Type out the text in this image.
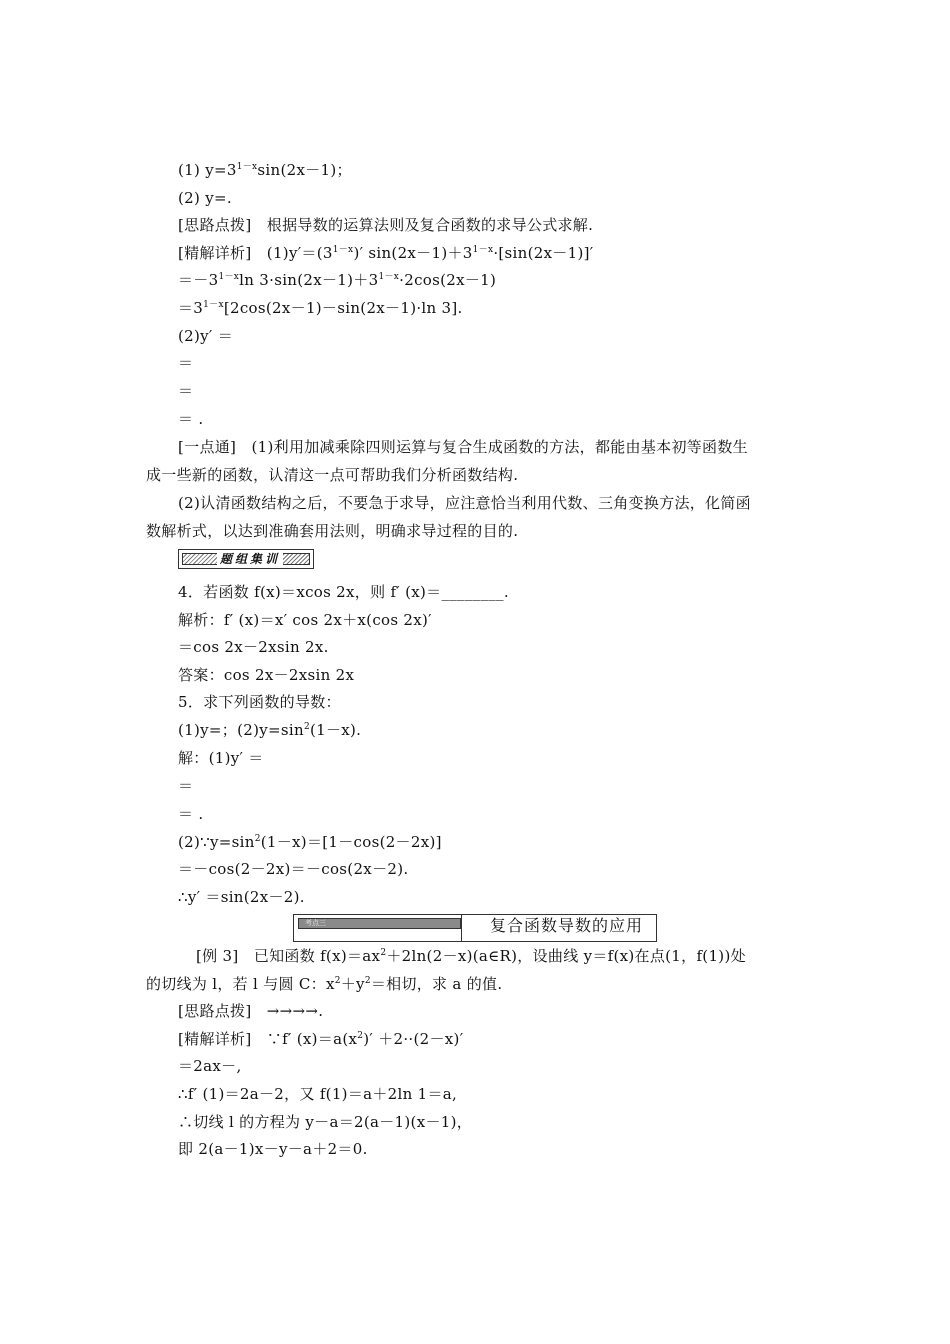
(1) $y=3^{1-x}\sin(2x-1)$；
(2) y=.
[思路点拨]　根据导数的运算法则及复合函数的求导公式求解.
[精解详析]　$(1)y'=(3^{1-x})'$ $\sin(2x-1)+3^{1-x}\cdot[\sin(2x-1)]'$
$=-3^{1-x}\ln$ $3\cdot\sin(2x-1)+3^{1-x}\cdot 2\cos(2x-1)$
$=3^{1-x}[2\cos(2x-1)-\sin(2x-1)\cdot\ln$ 3].
(2)y′ ＝
＝
＝
＝ .
[一点通]　(1)利用加减乘除四则运算与复合生成函数的方法，都能由基本初等函数生
成一些新的函数，认清这一点可帮助我们分析函数结构.
(2)认清函数结构之后，不要急于求导，应注意恰当利用代数、三角变换方法，化简函
数解析式，以达到准确套用法则，明确求导过程的目的.
题组集训
4．若函数 f(x)＝xcos 2x，则 f′ (x)＝________.
解析：f′ (x)＝x′ cos 2x＋x(cos 2x)′
＝cos 2x－2xsin 2x.
答案：cos 2x－2xsin 2x
5．求下列函数的导数：
(1)y=；$(2)y=\sin^2(1-x)$.
解：(1)y′ ＝
＝
＝ .
$(2)\because y=\sin^2(1-x)=[1-\cos(2-2x)]$
＝－cos(2－2x)＝－cos(2x－2).
∴y′ ＝sin(2x－2).
考点三	复合函数导数的应用
[例 3]　已知函数 $f(x)=ax^2+2\ln(2-x)(a\in R)$，设曲线 y＝f(x)在点(1，f(1))处
的切线为 l，若 l 与圆 C：$x^2+y^2=$相切，求 a 的值.
[思路点拨]　→→→→.
[精解详析]　∵f′ $(x)=a(x^2)' +2\cdot\cdot(2-x)'$
＝2ax－,
∴f′ (1)＝2a－2，又 f(1)＝a＋2ln 1＝a,
∴切线 l 的方程为 y－a＝2(a－1)(x－1)，
即 2(a－1)x－y－a＋2＝0.
